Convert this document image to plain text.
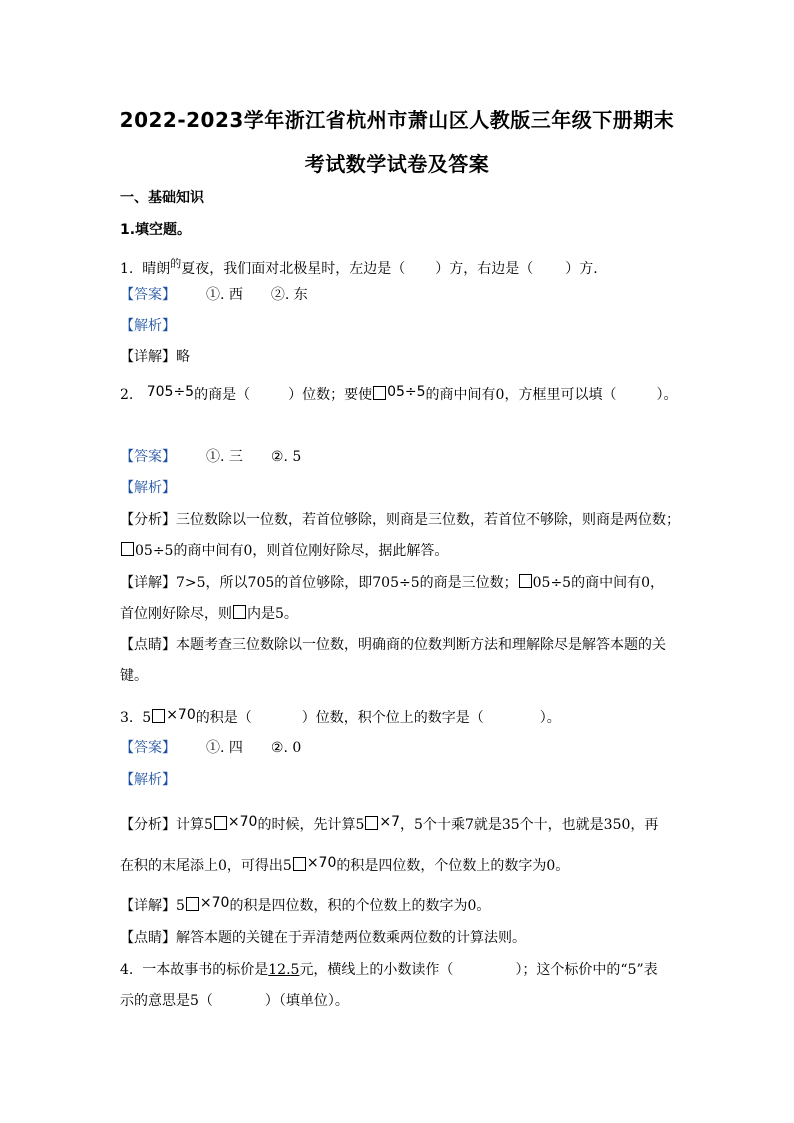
2022-2023学年浙江省杭州市萧山区人教版三年级下册期末
考试数学试卷及答案
一、基础知识
1.填空题。
1. 晴朗$^的$夏夜，我们面对北极星时，左边是（ ）方，右边是（ ）方.
【答案】 ①. 西 ②. 东
【解析】
【详解】略
2. 705÷5的商是（	）位数；要使 05÷5的商中间有0，方框里可以填（	）。
【答案】 ①. 三 ②. 5
【解析】
【分析】三位数除以一位数，若首位够除，则商是三位数，若首位不够除，则商是两位数；
05÷5的商中间有0，则首位刚好除尽，据此解答。
【详解】7>5，所以705的首位够除，即705÷5的商是三位数； 05÷5的商中间有0，
首位刚好除尽，则 内是5。
【点睛】本题考查三位数除以一位数，明确商的位数判断方法和理解除尽是解答本题的关
键。
3. 5 ×70的积是（	）位数，积个位上的数字是（	）。
【答案】 ①. 四 ②. 0
【解析】
【分析】计算5 ×70的时候，先计算5 ×7，5个十乘7就是35个十，也就是350，再
在积的末尾添上0，可得出5 ×70的积是四位数，个位数上的数字为0。
【详解】5 ×70的积是四位数，积的个位数上的数字为0。
【点睛】解答本题的关键在于弄清楚两位数乘两位数的计算法则。
4. 一本故事书的标价是12.5元，横线上的小数读作（	）；这个标价中的“5”表
示的意思是5（	）（填单位）。
